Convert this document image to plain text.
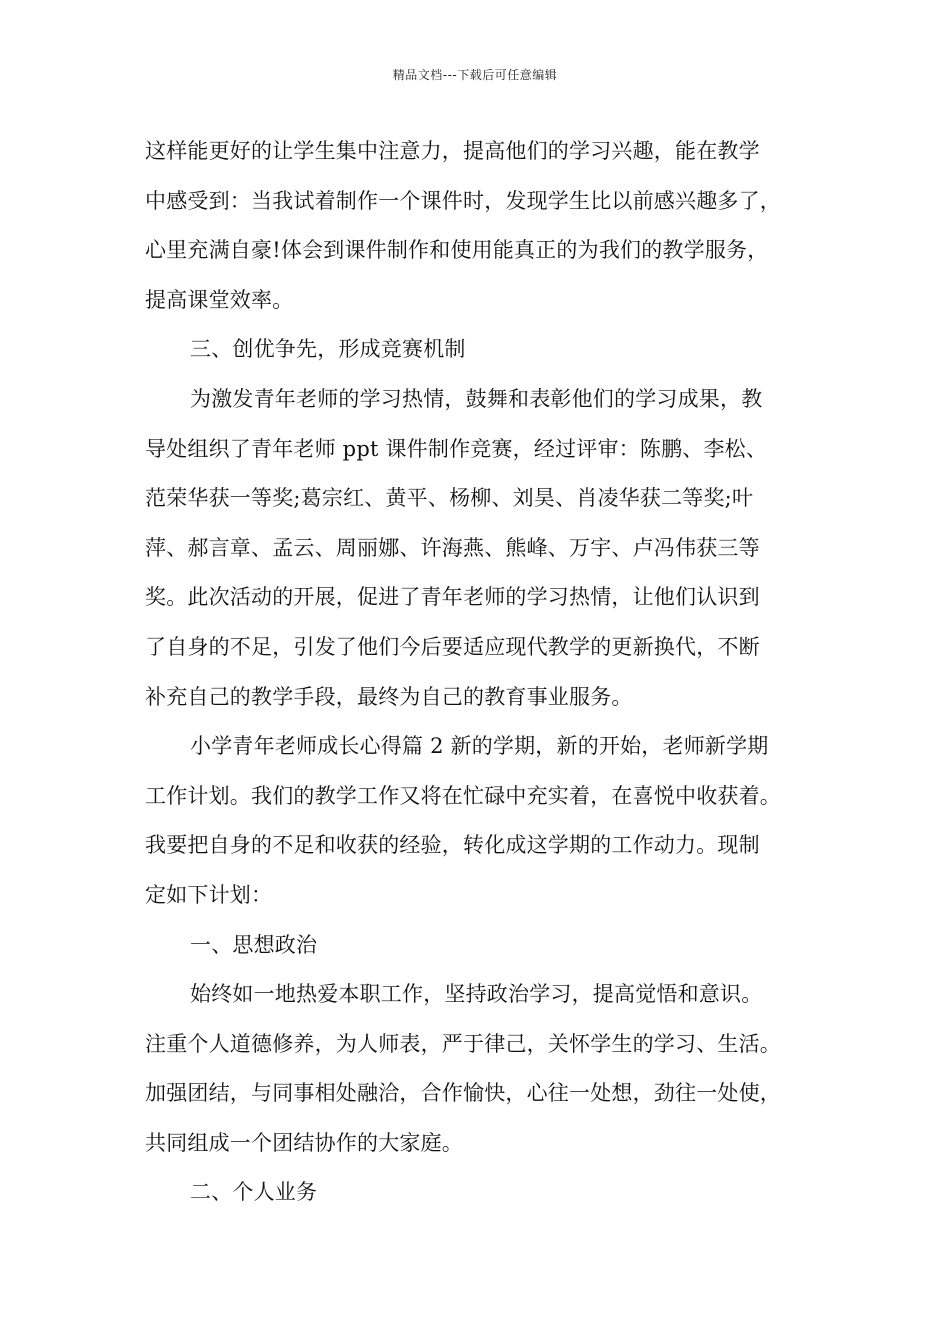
精品文档---下载后可任意编辑
这样能更好的让学生集中注意力，提高他们的学习兴趣，能在教学
中感受到：当我试着制作一个课件时，发现学生比以前感兴趣多了，
心里充满自豪!体会到课件制作和使用能真正的为我们的教学服务，
提高课堂效率。
三、创优争先，形成竞赛机制
为激发青年老师的学习热情，鼓舞和表彰他们的学习成果，教
导处组织了青年老师 ppt 课件制作竞赛，经过评审：陈鹏、李松、
范荣华获一等奖;葛宗红、黄平、杨柳、刘昊、肖凌华获二等奖;叶
萍、郝言章、孟云、周丽娜、许海燕、熊峰、万宇、卢冯伟获三等
奖。此次活动的开展，促进了青年老师的学习热情，让他们认识到
了自身的不足，引发了他们今后要适应现代教学的更新换代，不断
补充自己的教学手段，最终为自己的教育事业服务。
小学青年老师成长心得篇 2 新的学期，新的开始，老师新学期
工作计划。我们的教学工作又将在忙碌中充实着，在喜悦中收获着。
我要把自身的不足和收获的经验，转化成这学期的工作动力。现制
定如下计划：
一、思想政治
始终如一地热爱本职工作，坚持政治学习，提高觉悟和意识。
注重个人道德修养，为人师表，严于律己，关怀学生的学习、生活。
加强团结，与同事相处融洽，合作愉快，心往一处想，劲往一处使，
共同组成一个团结协作的大家庭。
二、个人业务
